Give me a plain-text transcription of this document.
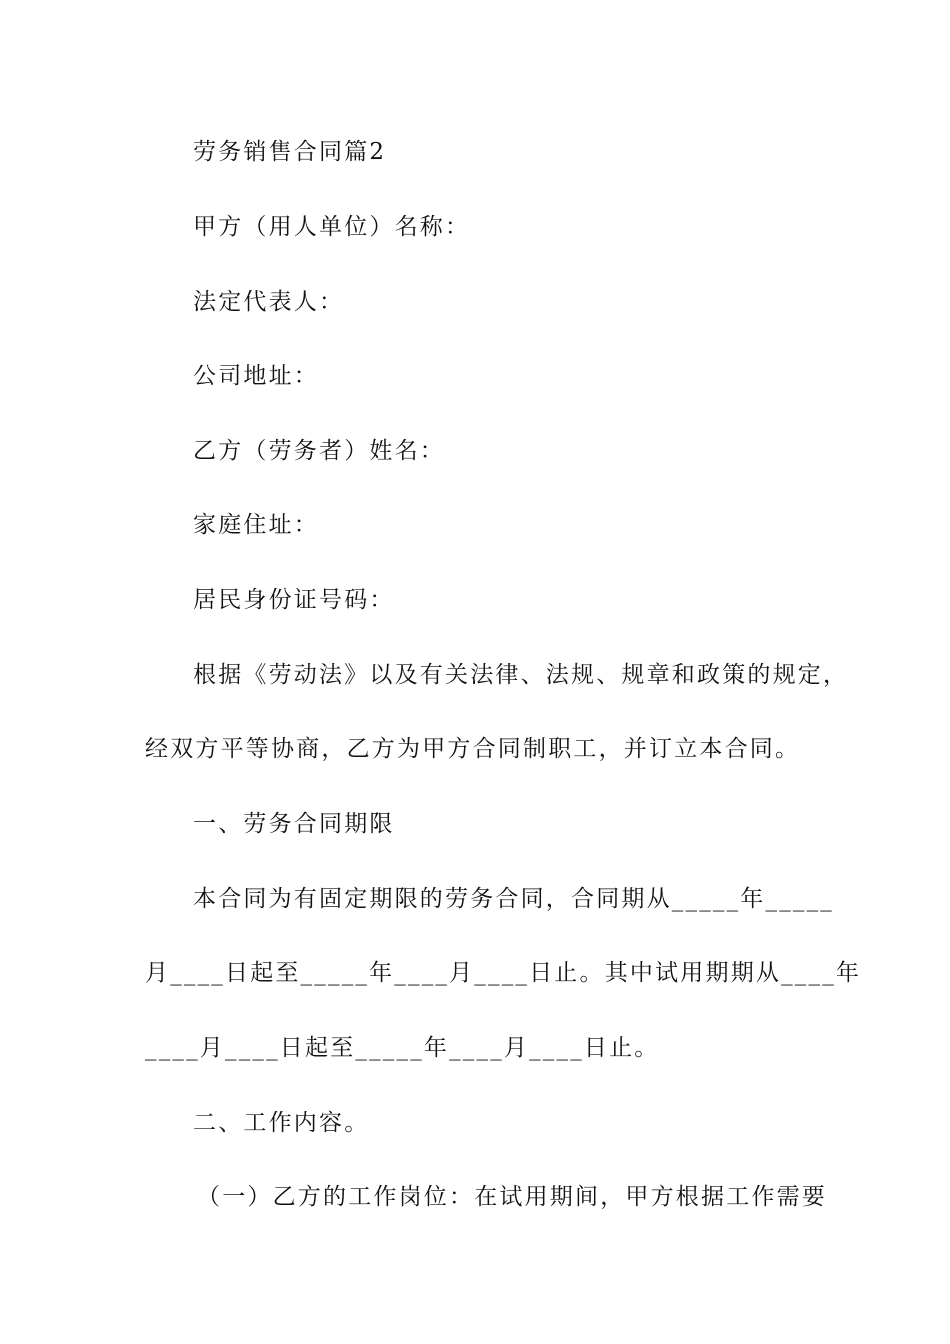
劳务销售合同篇2
甲方（用人单位）名称：
法定代表人：
公司地址：
乙方（劳务者）姓名：
家庭住址：
居民身份证号码：
根据《劳动法》以及有关法律、法规、规章和政策的规定，
经双方平等协商，乙方为甲方合同制职工，并订立本合同。
一、劳务合同期限
本合同为有固定期限的劳务合同，合同期从_____年_____
月____日起至_____年____月____日止。其中试用期期从____年
____月____日起至_____年____月____日止。
二、工作内容。
（一）乙方的工作岗位：在试用期间，甲方根据工作需要
